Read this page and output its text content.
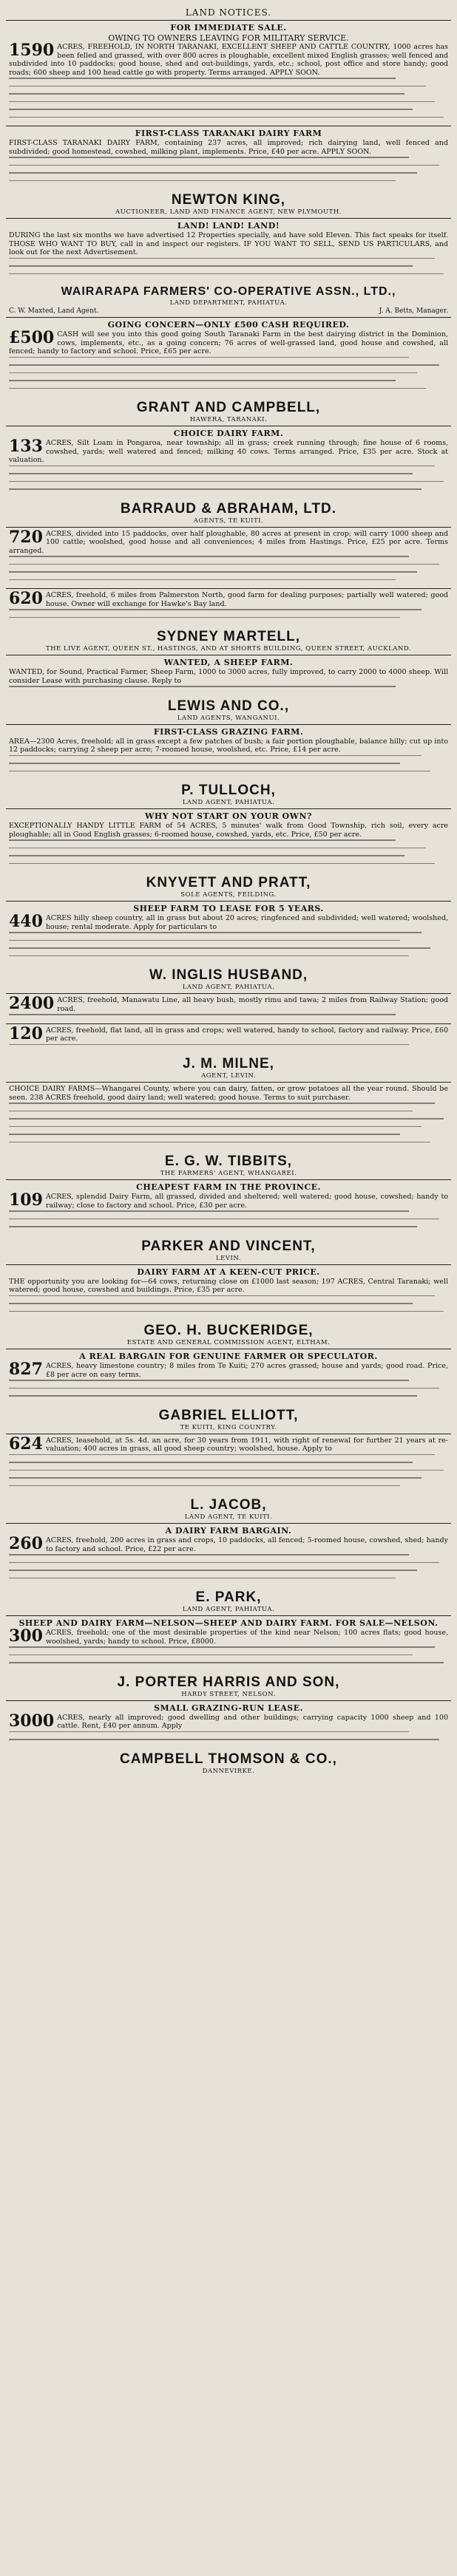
LAND NOTICES.
FOR IMMEDIATE SALE.
OWING TO OWNERS LEAVING FOR MILITARY SERVICE.
1590 ACRES, FREEHOLD, IN NORTH TARANAKI, EXCELLENT SHEEP AND CATTLE COUNTRY, 1000 acres has been felled and grassed, with over 800 acres is ploughable, excellent mixed English grasses; well fenced and subdivided into 10 paddocks; good house, shed and out-buildings, yards, etc.; school, post office and store handy; good roads; 600 sheep and 100 head cattle go with property. Terms arranged. APPLY SOON.
FIRST-CLASS TARANAKI DAIRY FARM
FIRST-CLASS TARANAKI DAIRY FARM, containing 237 acres, all improved; rich dairying land, well fenced and subdivided; good homestead, cowshed, milking plant, implements. Price, £40 per acre. APPLY SOON.
NEWTON KING,
AUCTIONEER, LAND AND FINANCE AGENT, NEW PLYMOUTH.
LAND! LAND! LAND!
DURING the last six months we have advertised 12 Properties specially, and have sold Eleven. This fact speaks for itself. THOSE WHO WANT TO BUY, call in and inspect our registers. IF YOU WANT TO SELL, SEND US PARTICULARS, and look out for the next Advertisement.
WAIRARAPA FARMERS' CO-OPERATIVE ASSN., LTD.,
LAND DEPARTMENT, PAHIATUA.
C. W. Maxted, Land Agent.	J. A. Betts, Manager.
GOING CONCERN—ONLY £500 CASH REQUIRED.
£500 CASH will see you into this good going South Taranaki Farm in the best dairying district in the Dominion, cows, implements, etc., as a going concern; 76 acres of well-grassed land, good house and cowshed, all fenced; handy to factory and school. Price, £65 per acre.
GRANT AND CAMPBELL,
HAWERA, TARANAKI.
CHOICE DAIRY FARM.
133 ACRES, Silt Loam in Pongaroa, near township; all in grass; creek running through; fine house of 6 rooms, cowshed, yards; well watered and fenced; milking 40 cows. Terms arranged. Price, £35 per acre. Stock at valuation.
BARRAUD & ABRAHAM, LTD.
AGENTS, TE KUITI.
720 ACRES, divided into 15 paddocks, over half ploughable, 80 acres at present in crop; will carry 1000 sheep and 100 cattle; woolshed, good house and all conveniences; 4 miles from Hastings. Price, £25 per acre. Terms arranged.
620 ACRES, freehold, 6 miles from Palmerston North, good farm for dealing purposes; partially well watered; good house. Owner will exchange for Hawke's Bay land.
SYDNEY MARTELL,
THE LIVE AGENT, QUEEN ST., HASTINGS, AND AT SHORTS BUILDING, QUEEN STREET, AUCKLAND.
WANTED, A SHEEP FARM.
WANTED, for Sound, Practical Farmer, Sheep Farm, 1000 to 3000 acres, fully improved, to carry 2000 to 4000 sheep. Will consider Lease with purchasing clause. Reply to
LEWIS AND CO.,
LAND AGENTS, WANGANUI.
FIRST-CLASS GRAZING FARM.
AREA—2300 Acres, freehold; all in grass except a few patches of bush; a fair portion ploughable, balance hilly; cut up into 12 paddocks; carrying 2 sheep per acre; 7-roomed house, woolshed, etc. Price, £14 per acre.
P. TULLOCH,
LAND AGENT, PAHIATUA.
WHY NOT START ON YOUR OWN?
EXCEPTIONALLY HANDY LITTLE FARM of 54 ACRES, 5 minutes' walk from Good Township, rich soil, every acre ploughable; all in Good English grasses; 6-roomed house, cowshed, yards, etc. Price, £50 per acre.
KNYVETT AND PRATT,
SOLE AGENTS, FEILDING.
SHEEP FARM TO LEASE FOR 5 YEARS.
440 ACRES hilly sheep country, all in grass but about 20 acres; ringfenced and subdivided; well watered; woolshed, house; rental moderate. Apply for particulars to
W. INGLIS HUSBAND,
LAND AGENT, PAHIATUA.
2400 ACRES, freehold, Manawatu Line, all heavy bush, mostly rimu and tawa; 2 miles from Railway Station; good road.
120 ACRES, freehold, flat land, all in grass and crops; well watered, handy to school, factory and railway. Price, £60 per acre.
J. M. MILNE,
AGENT, LEVIN.
CHOICE DAIRY FARMS—Whangarei County, where you can dairy, fatten, or grow potatoes all the year round. Should be seen. 238 ACRES freehold, good dairy land; well watered; good house. Terms to suit purchaser.
E. G. W. TIBBITS,
THE FARMERS' AGENT, WHANGAREI.
CHEAPEST FARM IN THE PROVINCE.
109 ACRES, splendid Dairy Farm, all grassed, divided and sheltered; well watered; good house, cowshed; handy to railway; close to factory and school. Price, £30 per acre.
PARKER AND VINCENT,
LEVIN.
DAIRY FARM AT A KEEN-CUT PRICE.
THE opportunity you are looking for—64 cows, returning close on £1000 last season; 197 ACRES, Central Taranaki; well watered; good house, cowshed and buildings. Price, £35 per acre.
GEO. H. BUCKERIDGE,
ESTATE AND GENERAL COMMISSION AGENT, ELTHAM.
A REAL BARGAIN FOR GENUINE FARMER OR SPECULATOR.
827 ACRES, heavy limestone country; 8 miles from Te Kuiti; 270 acres grassed; house and yards; good road. Price, £8 per acre on easy terms.
GABRIEL ELLIOTT,
TE KUITI, KING COUNTRY.
624 ACRES, leasehold, at 5s. 4d. an acre, for 30 years from 1911, with right of renewal for further 21 years at re-valuation; 400 acres in grass, all good sheep country; woolshed, house. Apply to
L. JACOB,
LAND AGENT, TE KUITI.
A DAIRY FARM BARGAIN.
260 ACRES, freehold, 200 acres in grass and crops, 10 paddocks, all fenced; 5-roomed house, cowshed, shed; handy to factory and school. Price, £22 per acre.
E. PARK,
LAND AGENT, PAHIATUA.
SHEEP AND DAIRY FARM—NELSON—SHEEP AND DAIRY FARM. FOR SALE—NELSON.
300 ACRES, freehold; one of the most desirable properties of the kind near Nelson; 100 acres flats; good house, woolshed, yards; handy to school. Price, £8000.
J. PORTER HARRIS AND SON,
HARDY STREET, NELSON.
SMALL GRAZING-RUN LEASE.
3000 ACRES, nearly all improved; good dwelling and other buildings; carrying capacity 1000 sheep and 100 cattle. Rent, £40 per annum. Apply
CAMPBELL THOMSON & CO.,
DANNEVIRKE.
